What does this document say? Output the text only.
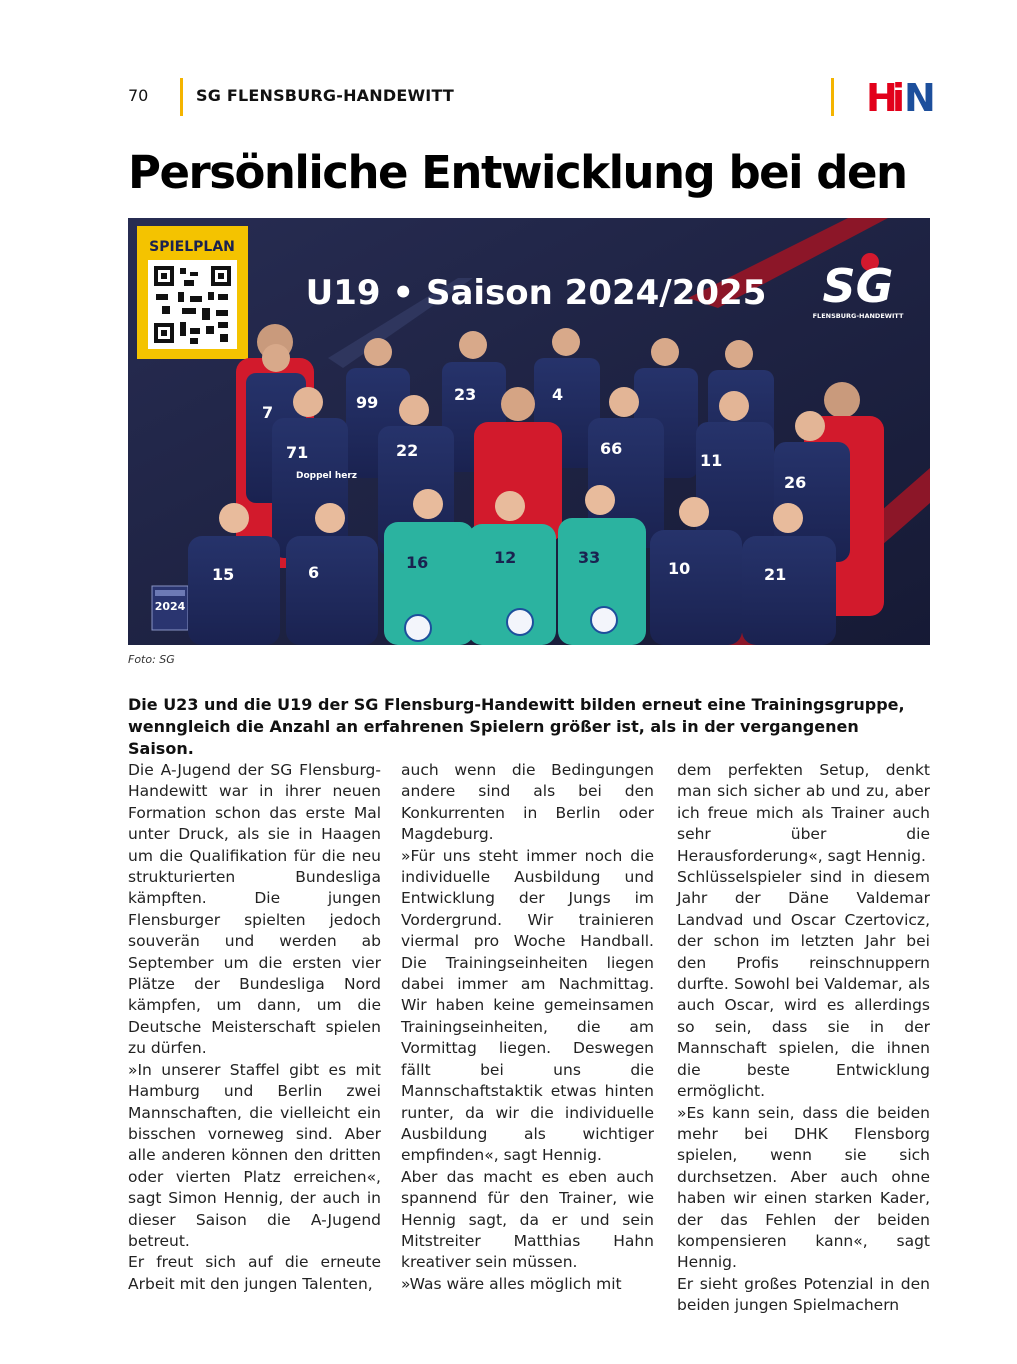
70	SG FLENSBURG-HANDEWITT	H
i
N
Persönliche Entwicklung bei den
SPIELPLAN
U19 • Saison 2024/2025 SG
FLENSBURG-HANDEWITT
2024
7
99	23	4
71
Doppel herz
22	66
11
26
15	6
16	12	33
10	21
Foto: SG

Die U23 und die U19 der SG Flensburg-Handewitt bilden erneut eine Trainingsgruppe, wenngleich die Anzahl an erfahrenen Spielern größer ist, als in der vergangenen Saison.

Die A-Jugend der SG Flensburg-Handewitt war in ihrer neuen Formation schon das erste Mal unter Druck, als sie in Haagen um die Qualifikation für die neu strukturierten Bundesliga kämpften. Die jungen Flensburger spielten jedoch souverän und werden ab September um die ersten vier Plätze der Bundesliga Nord kämpfen, um dann, um die Deutsche Meisterschaft spielen zu dürfen.

»In unserer Staffel gibt es mit Hamburg und Berlin zwei Mannschaften, die vielleicht ein bisschen vorneweg sind. Aber alle anderen können den dritten oder vierten Platz erreichen«, sagt Simon Hennig, der auch in dieser Saison die A-Jugend betreut.

Er freut sich auf die erneute Arbeit mit den jungen Talenten,

auch wenn die Bedingungen andere sind als bei den Konkurrenten in Berlin oder Magdeburg.

»Für uns steht immer noch die individuelle Ausbildung und Entwicklung der Jungs im Vordergrund. Wir trainieren viermal pro Woche Handball. Die Trainingseinheiten liegen dabei immer am Nachmittag. Wir haben keine gemeinsamen Trainingseinheiten, die am Vormittag liegen. Deswegen fällt bei uns die Mannschaftstaktik etwas hinten runter, da wir die individuelle Ausbildung als wichtiger empfinden«, sagt Hennig.

Aber das macht es eben auch spannend für den Trainer, wie Hennig sagt, da er und sein Mitstreiter Matthias Hahn kreativer sein müssen.

»Was wäre alles möglich mit

dem perfekten Setup, denkt man sich sicher ab und zu, aber ich freue mich als Trainer auch sehr über die Herausforderung«, sagt Hennig.

Schlüsselspieler sind in diesem Jahr der Däne Valdemar Landvad und Oscar Czertovicz, der schon im letzten Jahr bei den Profis reinschnuppern durfte. Sowohl bei Valdemar, als auch Oscar, wird es allerdings so sein, dass sie in der Mannschaft spielen, die ihnen die beste Entwicklung ermöglicht.

»Es kann sein, dass die beiden mehr bei DHK Flensborg spielen, wenn sie sich durchsetzen. Aber auch ohne haben wir einen starken Kader, der das Fehlen der beiden kompensieren kann«, sagt Hennig.

Er sieht großes Potenzial in den beiden jungen Spielmachern
